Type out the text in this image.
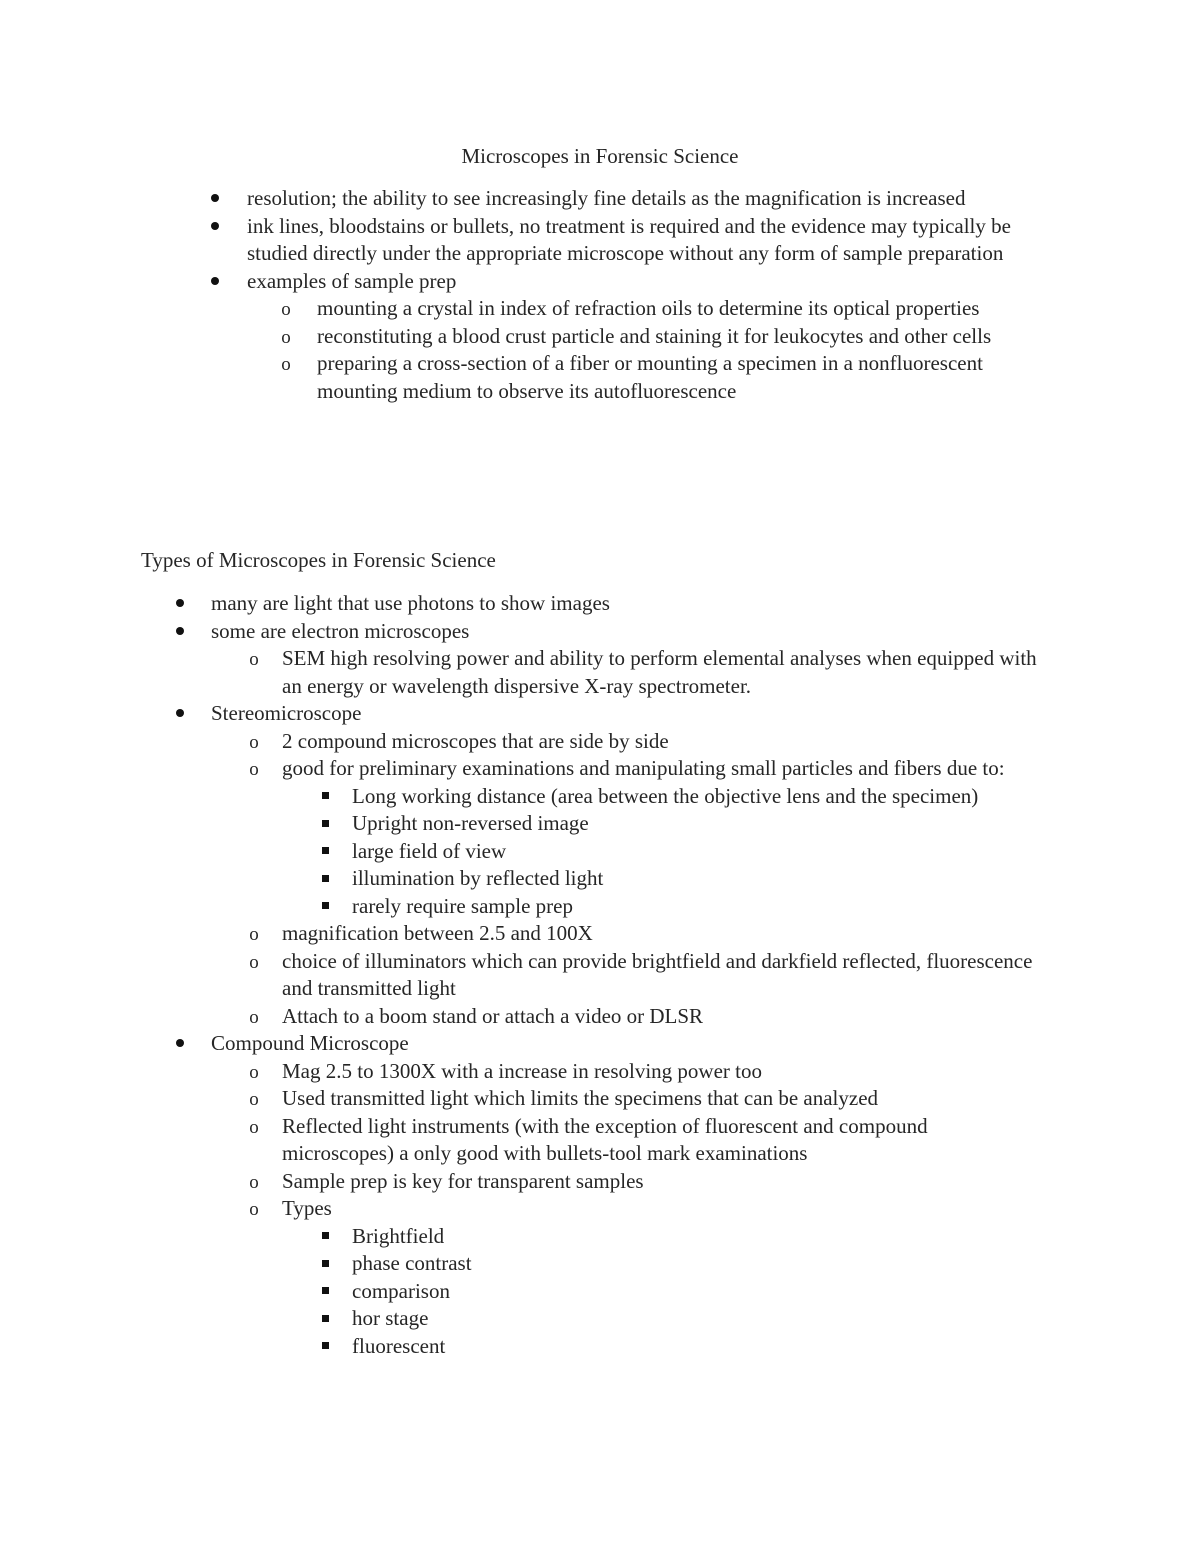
Microscopes in Forensic Science
resolution; the ability to see increasingly fine details as the magnification is increased
ink lines, bloodstains or bullets, no treatment is required and the evidence may typically be studied directly under the appropriate microscope without any form of sample preparation
examples of sample prep
o mounting a crystal in index of refraction oils to determine its optical properties
o reconstituting a blood crust particle and staining it for leukocytes and other cells
o preparing a cross-section of a fiber or mounting a specimen in a nonfluorescent mounting medium to observe its autofluorescence
Types of Microscopes in Forensic Science
many are light that use photons to show images
some are electron microscopes
o SEM high resolving power and ability to perform elemental analyses when equipped with an energy or wavelength dispersive X-ray spectrometer.
Stereomicroscope
o 2 compound microscopes that are side by side
o good for preliminary examinations and manipulating small particles and fibers due to:
Long working distance (area between the objective lens and the specimen)
Upright non-reversed image
large field of view
illumination by reflected light
rarely require sample prep
o magnification between 2.5 and 100X
o choice of illuminators which can provide brightfield and darkfield reflected, fluorescence and transmitted light
o Attach to a boom stand or attach a video or DLSR
Compound Microscope
o Mag 2.5 to 1300X with a increase in resolving power too
o Used transmitted light which limits the specimens that can be analyzed
o Reflected light instruments (with the exception of fluorescent and compound microscopes) a only good with bullets-tool mark examinations
o Sample prep is key for transparent samples
o Types
Brightfield
phase contrast
comparison
hor stage
fluorescent
